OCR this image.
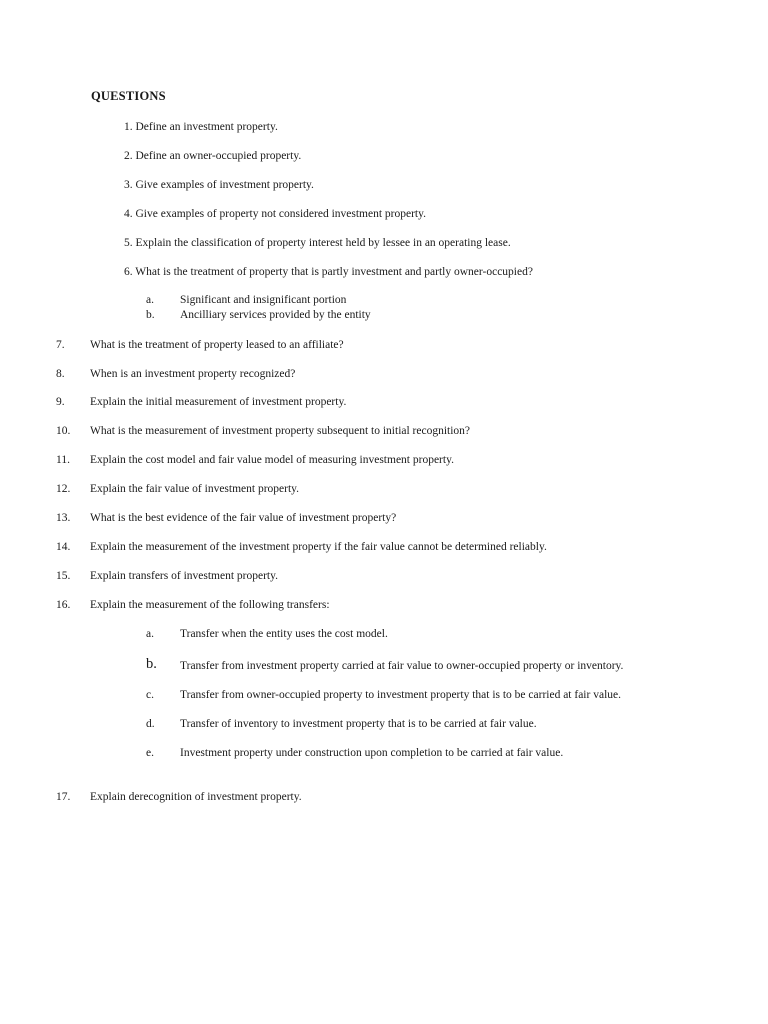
QUESTIONS
1. Define an investment property.
2. Define an owner-occupied property.
3. Give examples of investment property.
4. Give examples of property not considered investment property.
5. Explain the classification of property interest held by lessee in an operating lease.
6. What is the treatment of property that is partly investment and partly owner-occupied?
a. Significant and insignificant portion
b. Ancilliary services provided by the entity
7. What is the treatment of property leased to an affiliate?
8. When is an investment property recognized?
9. Explain the initial measurement of investment property.
10. What is the measurement of investment property subsequent to initial recognition?
11. Explain the cost model and fair value model of measuring investment property.
12. Explain the fair value of investment property.
13. What is the best evidence of the fair value of investment property?
14. Explain the measurement of the investment property if the fair value cannot be determined reliably.
15. Explain transfers of investment property.
16. Explain the measurement of the following transfers:
a. Transfer when the entity uses the cost model.
b. Transfer from investment property carried at fair value to owner-occupied property or inventory.
c. Transfer from owner-occupied property to investment property that is to be carried at fair value.
d. Transfer of inventory to investment property that is to be carried at fair value.
e. Investment property under construction upon completion to be carried at fair value.
17. Explain derecognition of investment property.
